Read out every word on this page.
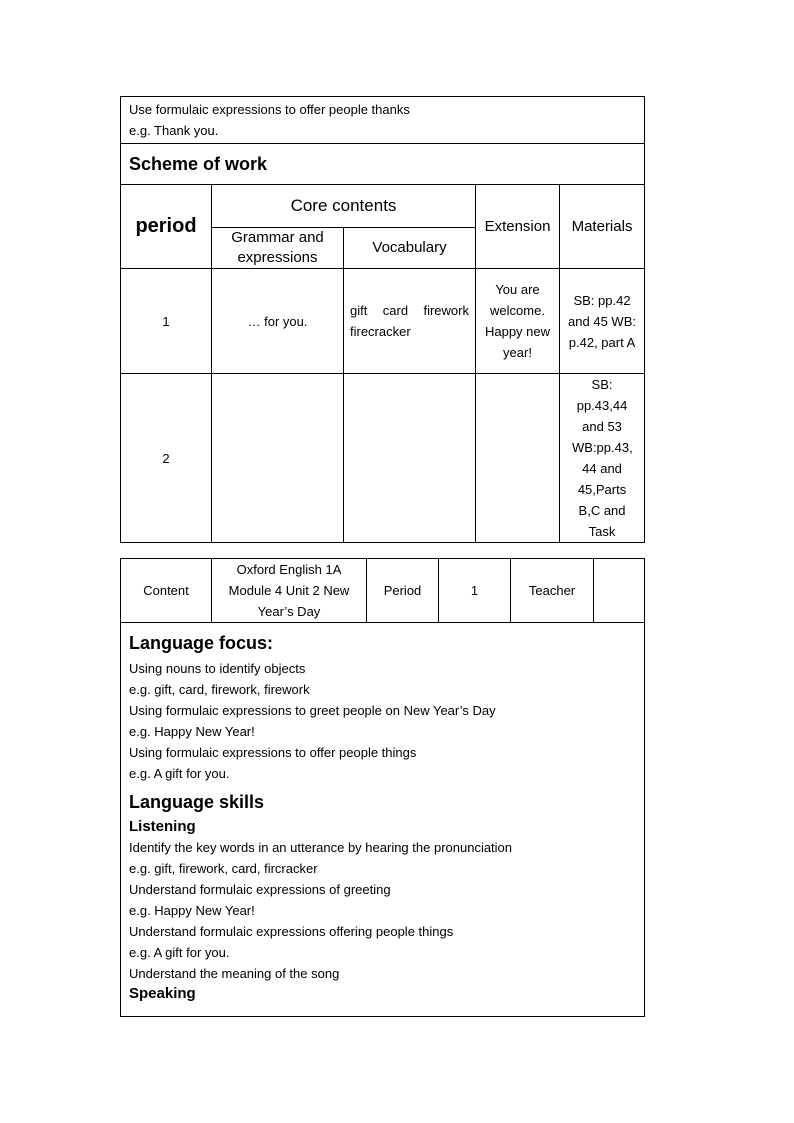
Use formulaic expressions to offer people thanks
e.g. Thank you.				

Scheme of work				
period	Core contents		Extension	Materials
	Grammar and expressions	Vocabulary		
1	… for you.	gift card firework firecracker	You are welcome. Happy new year!	SB: pp.42 and 45 WB: p.42, part A
2				SB: pp.43,44 and 53 WB:pp.43, 44 and 45,Parts B,C and Task
Content	Oxford English 1A Module 4 Unit 2 New Year’s Day	Period	1	Teacher	

Language focus:
Using nouns to identify objects
e.g. gift, card, firework, firework
Using formulaic expressions to greet people on New Year’s Day
e.g. Happy New Year!
Using formulaic expressions to offer people things
e.g. A gift for you.
Language skills
Listening
Identify the key words in an utterance by hearing the pronunciation
e.g. gift, firework, card, fircracker
Understand formulaic expressions of greeting
e.g. Happy New Year!
Understand formulaic expressions offering people things
e.g. A gift for you.
Understand the meaning of the song
Speaking
